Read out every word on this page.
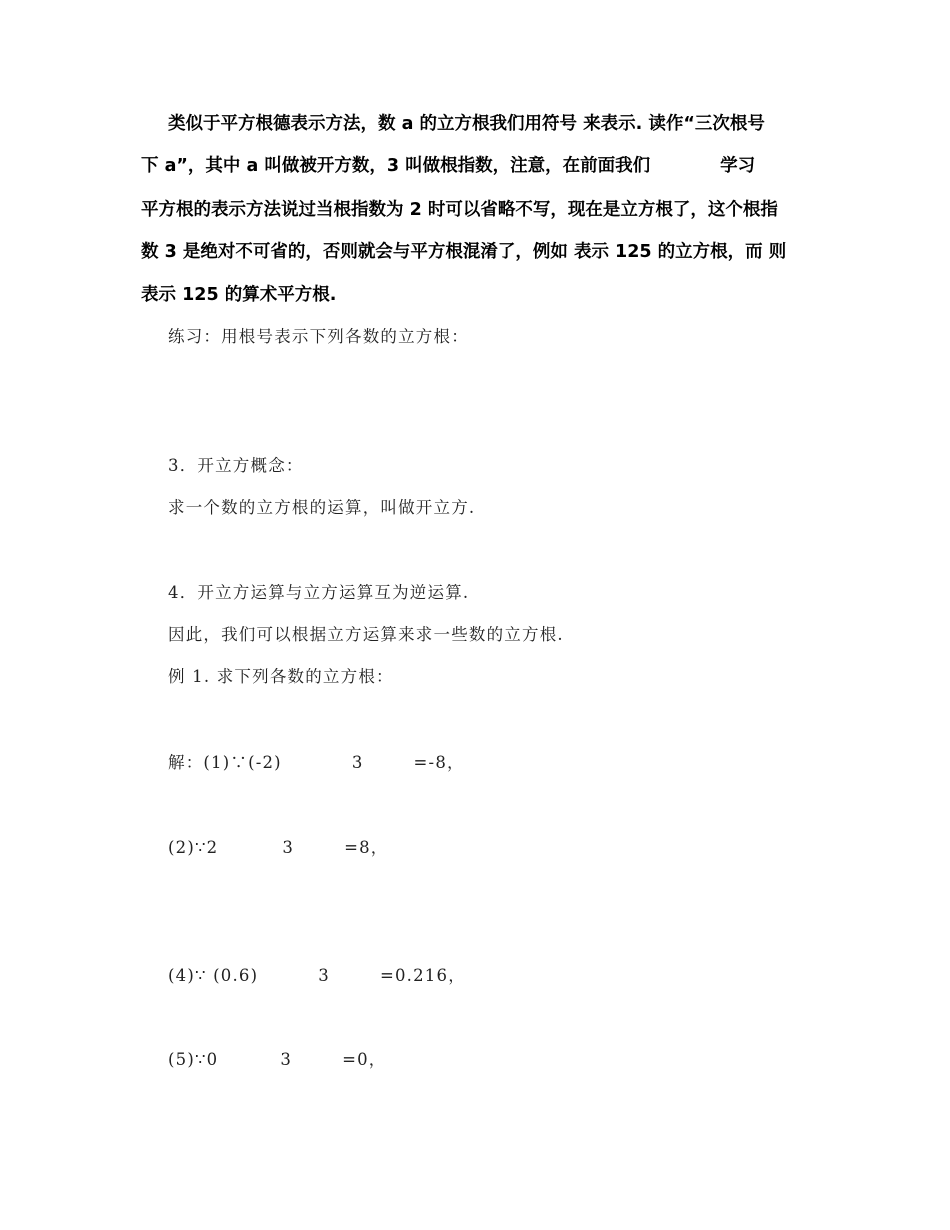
类似于平方根德表示方法，数 a 的立方根我们用符号 来表示. 读作“三次根号
下 a”，其中 a 叫做被开方数，3 叫做根指数，注意，在前面我们	学习
平方根的表示方法说过当根指数为 2 时可以省略不写，现在是立方根了，这个根指
数 3 是绝对不可省的，否则就会与平方根混淆了，例如 表示 125 的立方根，而 则
表示 125 的算术平方根.
练习：用根号表示下列各数的立方根：
3．开立方概念：
求一个数的立方根的运算，叫做开立方.
4．开立方运算与立方运算互为逆运算.
因此，我们可以根据立方运算来求一些数的立方根.
例 1. 求下列各数的立方根：
解：(1)∵(-2)	3	=-8，
(2)∵2	3	=8，
(4)∵ (0.6)	3	=0.216，
(5)∵0	3	=0，
